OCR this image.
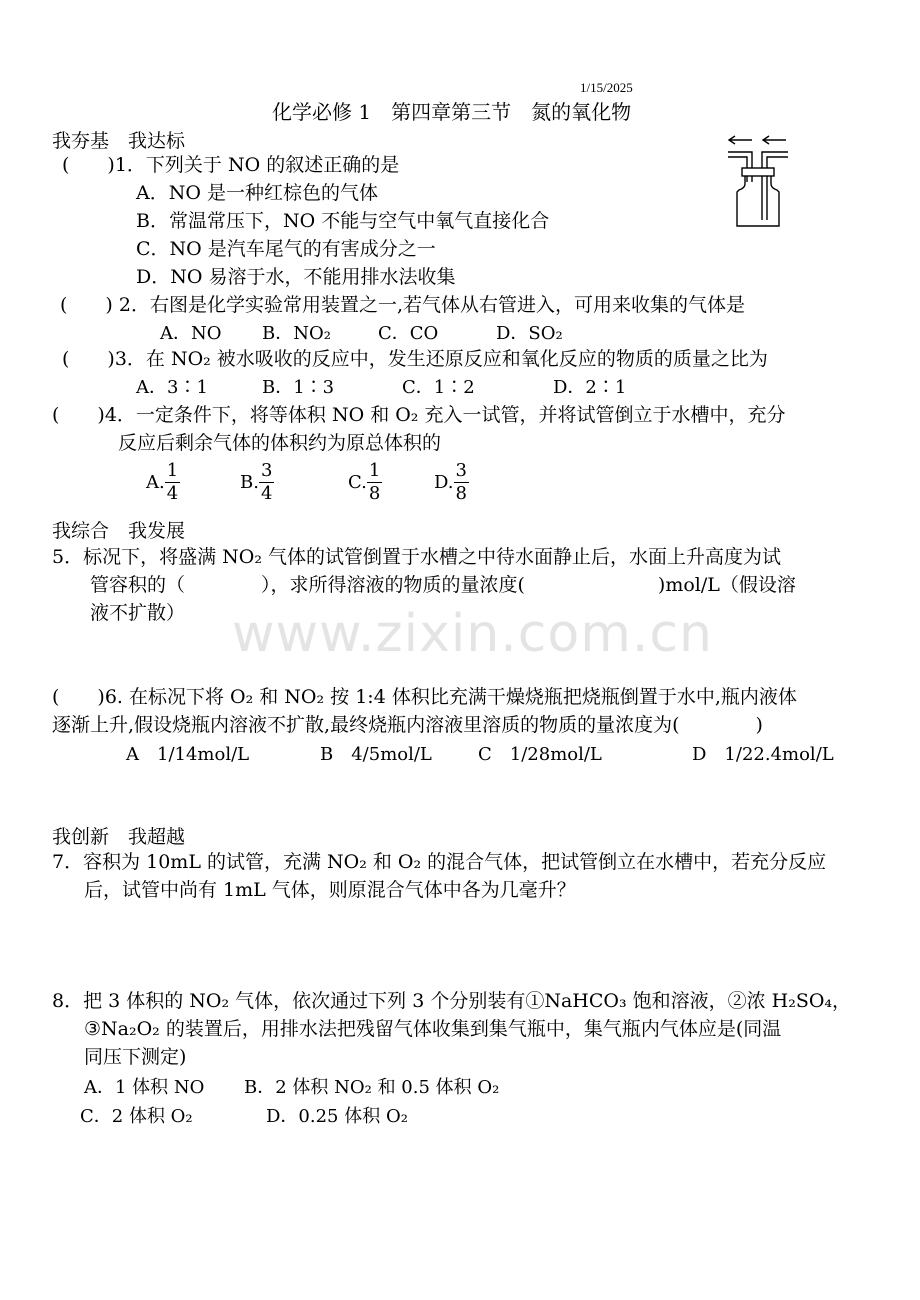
1/15/2025
化学必修 1　第四章第三节　氮的氧化物
我夯基　我达标
(　　)1．下列关于 NO 的叙述正确的是
A．NO 是一种红棕色的气体
B．常温常压下，NO 不能与空气中氧气直接化合
C．NO 是汽车尾气的有害成分之一
D．NO 易溶于水，不能用排水法收集
(　　) 2．右图是化学实验常用装置之一,若气体从右管进入，可用来收集的气体是
A．NO B．NO₂	C．CO	D．SO₂
(　　)3．在 NO₂ 被水吸收的反应中，发生还原反应和氧化反应的物质的质量之比为
A．3∶1	B．1∶3	C．1∶2	D．2∶1
(　　)4．一定条件下，将等体积 NO 和 O₂ 充入一试管，并将试管倒立于水槽中，充分
反应后剩余气体的体积约为原总体积的
A. $\frac{1}{4}$	B. $\frac{3}{4}$	C. $\frac{1}{8}$	D. $\frac{3}{8}$
我综合　我发展
5．标况下，将盛满 NO₂ 气体的试管倒置于水槽之中待水面静止后，水面上升高度为试
管容积的（　　　　），求所得溶液的物质的量浓度(　　　　　　　)mol/L（假设溶
液不扩散） www.zixin.com.cn
(　　)6. 在标况下将 O₂ 和 NO₂ 按 1:4 体积比充满干燥烧瓶把烧瓶倒置于水中,瓶内液体
逐渐上升,假设烧瓶内溶液不扩散,最终烧瓶内溶液里溶质的物质的量浓度为(　　　　)
A　1/14mol/L	B　4/5mol/L	C　1/28mol/L	D　1/22.4mol/L
我创新　我超越
7．容积为 10mL 的试管，充满 NO₂ 和 O₂ 的混合气体，把试管倒立在水槽中，若充分反应
后，试管中尚有 1mL 气体，则原混合气体中各为几毫升？
8．把 3 体积的 NO₂ 气体，依次通过下列 3 个分别装有①NaHCO₃ 饱和溶液，②浓 H₂SO₄，
③Na₂O₂ 的装置后，用排水法把残留气体收集到集气瓶中，集气瓶内气体应是(同温
同压下测定)
A．1 体积 NO B．2 体积 NO₂ 和 0.5 体积 O₂
C．2 体积 O₂	D．0.25 体积 O₂
